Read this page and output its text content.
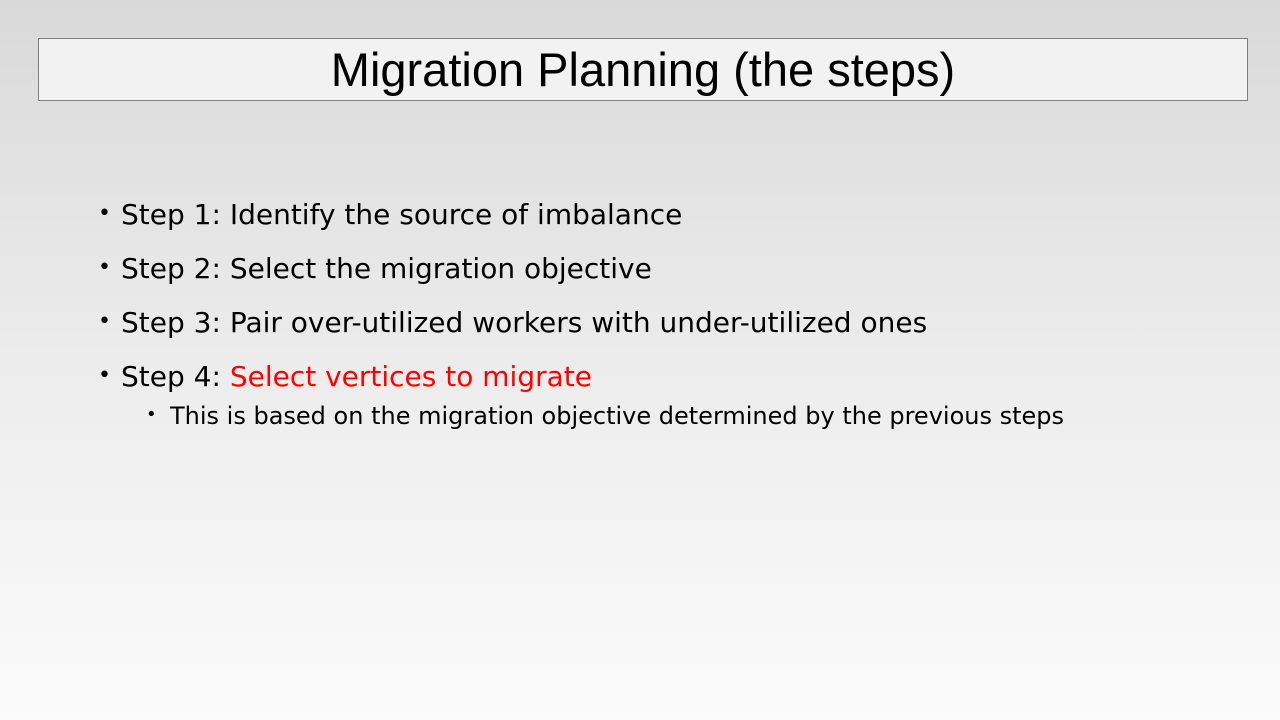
Migration Planning (the steps)
• Step 1: Identify the source of imbalance
• Step 2: Select the migration objective
• Step 3: Pair over-utilized workers with under-utilized ones
• Step 4: Select vertices to migrate
• This is based on the migration objective determined by the previous steps
